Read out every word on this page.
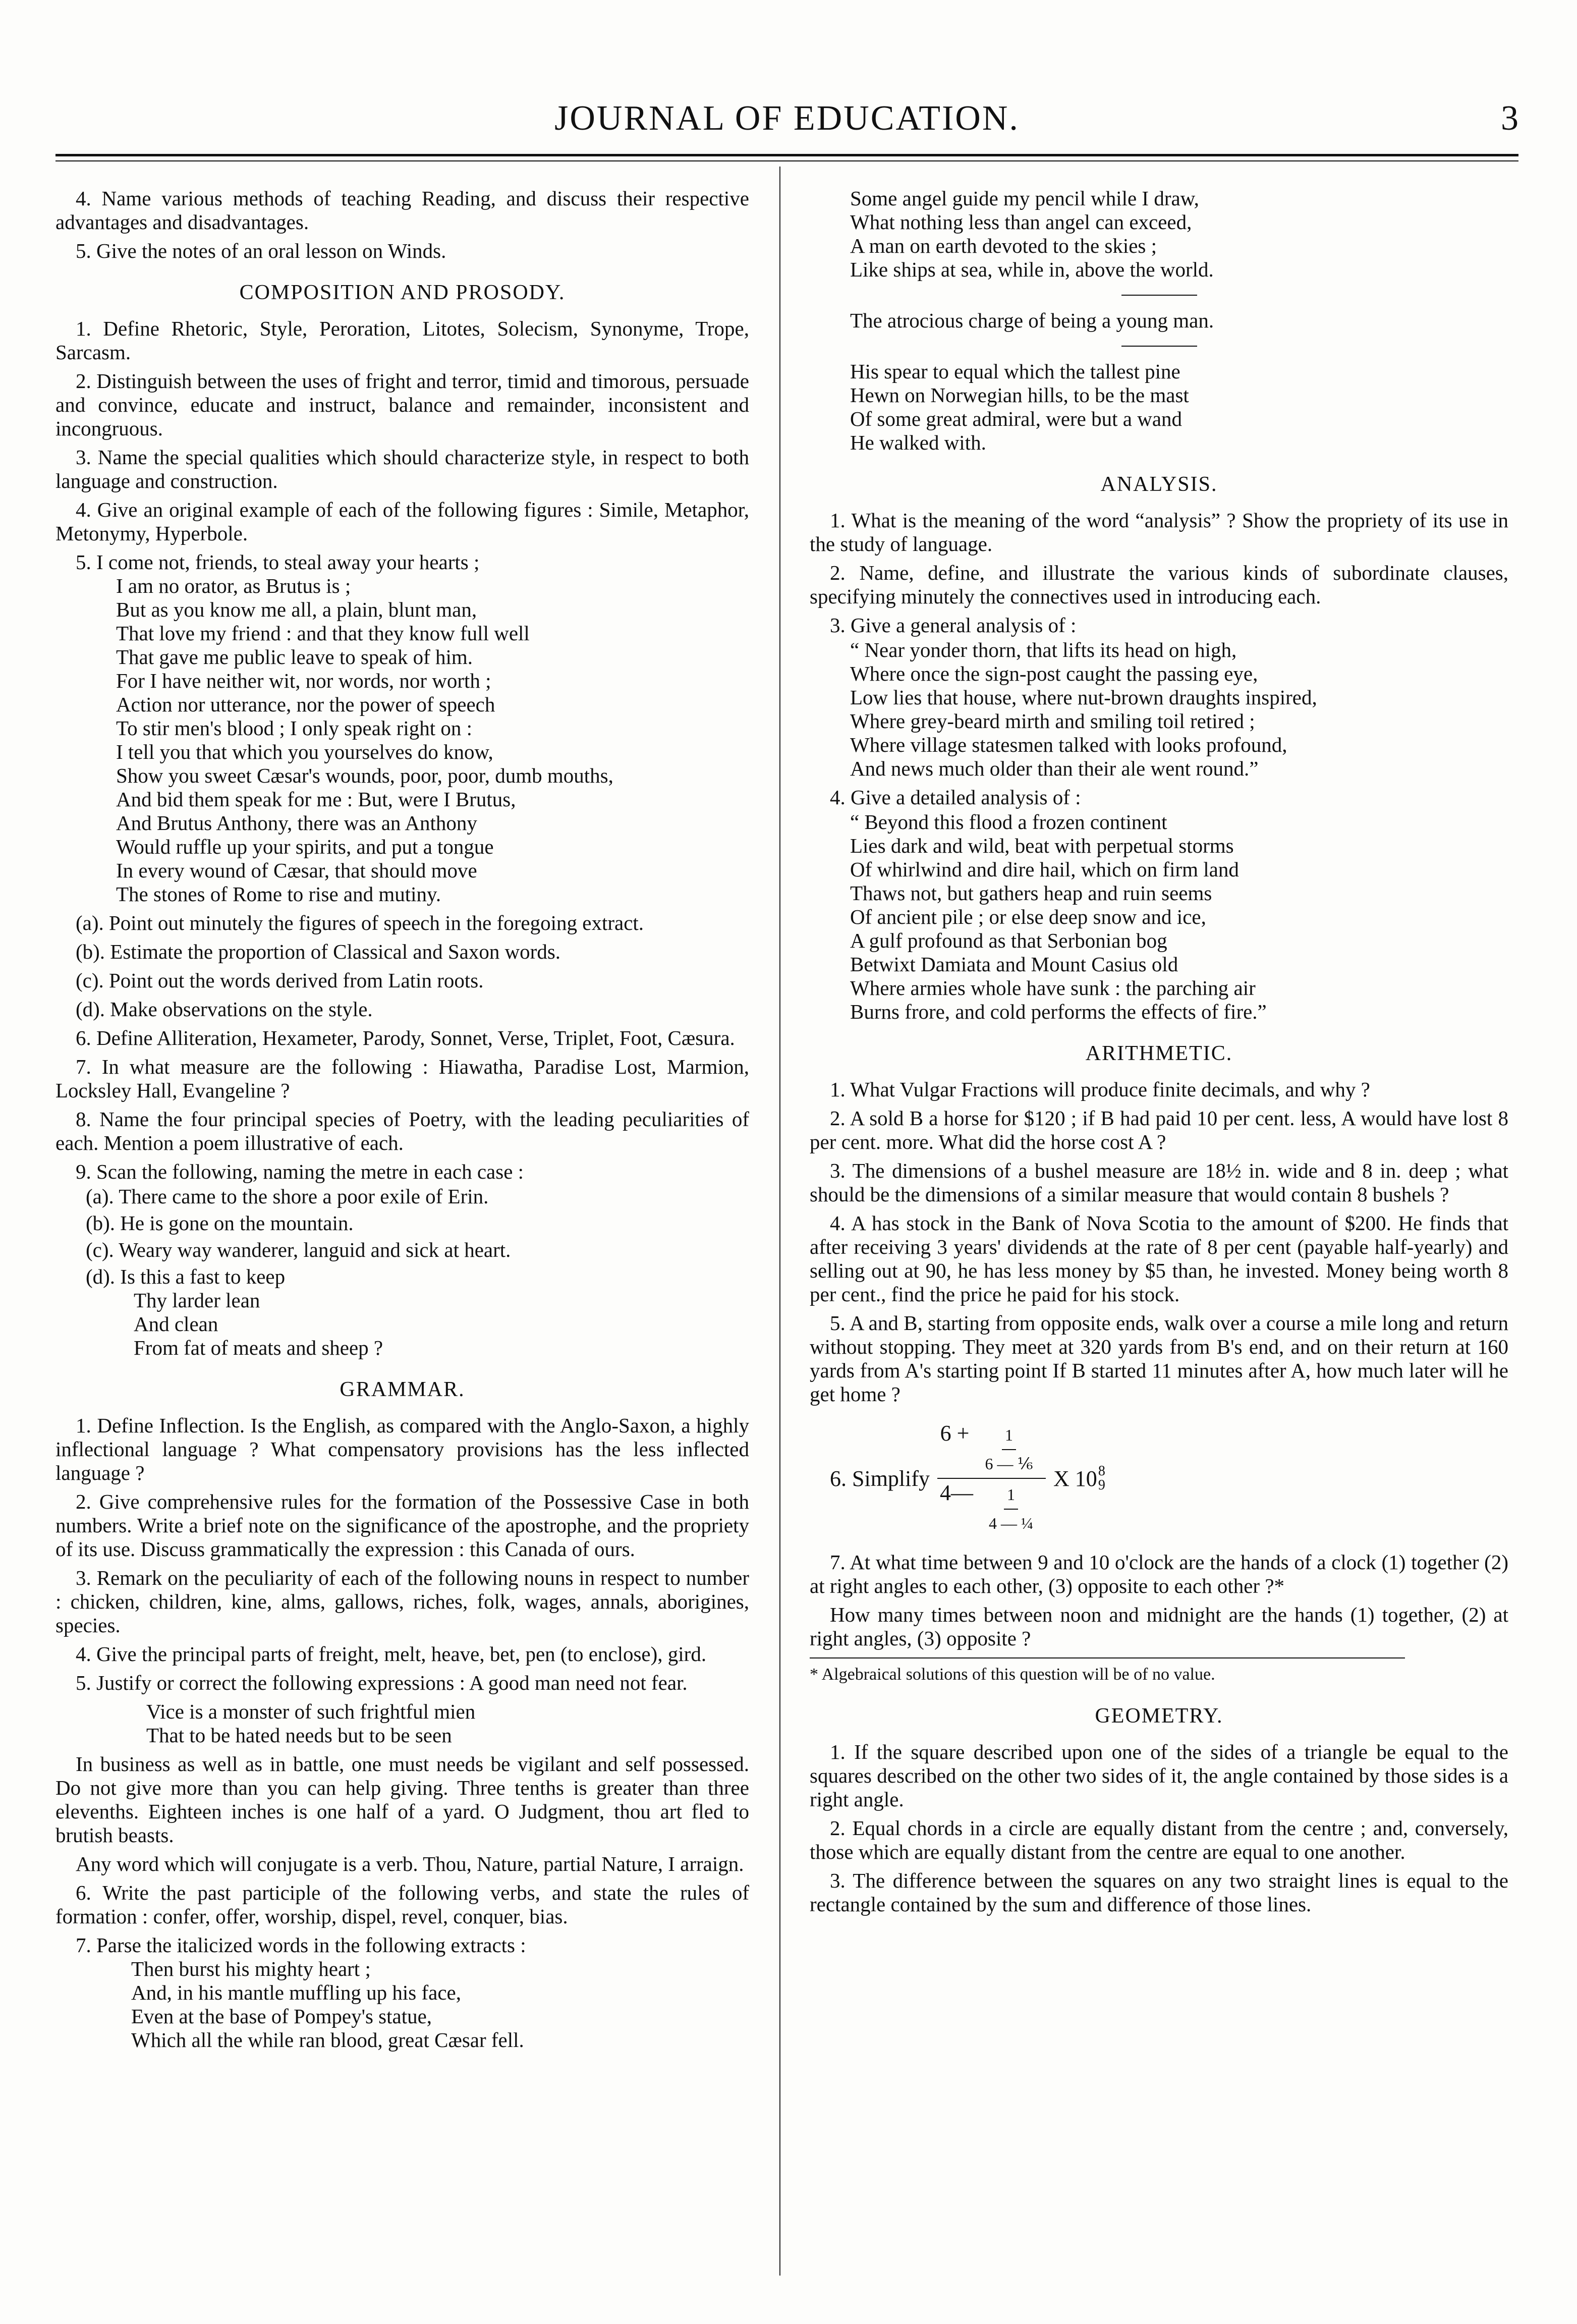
JOURNAL OF EDUCATION.	3

4. Name various methods of teaching Reading, and discuss their respective advantages and disadvantages.

5. Give the notes of an oral lesson on Winds.

COMPOSITION AND PROSODY.

1. Define Rhetoric, Style, Peroration, Litotes, Solecism, Synonyme, Trope, Sarcasm.

2. Distinguish between the uses of fright and terror, timid and timorous, persuade and convince, educate and instruct, balance and remainder, inconsistent and incongruous.

3. Name the special qualities which should characterize style, in respect to both language and construction.

4. Give an original example of each of the following figures : Simile, Metaphor, Metonymy, Hyperbole.

5. I come not, friends, to steal away your hearts ;

I am no orator, as Brutus is ;
But as you know me all, a plain, blunt man,
That love my friend : and that they know full well
That gave me public leave to speak of him.
For I have neither wit, nor words, nor worth ;
Action nor utterance, nor the power of speech
To stir men's blood ; I only speak right on :
I tell you that which you yourselves do know,
Show you sweet Cæsar's wounds, poor, poor, dumb mouths,
And bid them speak for me : But, were I Brutus,
And Brutus Anthony, there was an Anthony
Would ruffle up your spirits, and put a tongue
In every wound of Cæsar, that should move
The stones of Rome to rise and mutiny.

(a). Point out minutely the figures of speech in the foregoing extract.

(b). Estimate the proportion of Classical and Saxon words.

(c). Point out the words derived from Latin roots.

(d). Make observations on the style.

6. Define Alliteration, Hexameter, Parody, Sonnet, Verse, Triplet, Foot, Cæsura.

7. In what measure are the following : Hiawatha, Paradise Lost, Marmion, Locksley Hall, Evangeline ?

8. Name the four principal species of Poetry, with the leading peculiarities of each. Mention a poem illustrative of each.

9. Scan the following, naming the metre in each case :

(a). There came to the shore a poor exile of Erin.
(b). He is gone on the mountain.
(c). Weary way wanderer, languid and sick at heart.
(d). Is this a fast to keep
Thy larder lean
And clean
From fat of meats and sheep ?
GRAMMAR.

1. Define Inflection. Is the English, as compared with the Anglo-Saxon, a highly inflectional language ? What compensatory provisions has the less inflected language ?

2. Give comprehensive rules for the formation of the Possessive Case in both numbers. Write a brief note on the significance of the apostrophe, and the propriety of its use. Discuss grammatically the expression : this Canada of ours.

3. Remark on the peculiarity of each of the following nouns in respect to number : chicken, children, kine, alms, gallows, riches, folk, wages, annals, aborigines, species.

4. Give the principal parts of freight, melt, heave, bet, pen (to enclose), gird.

5. Justify or correct the following expressions : A good man need not fear.

Vice is a monster of such frightful mien
That to be hated needs but to be seen

In business as well as in battle, one must needs be vigilant and self possessed. Do not give more than you can help giving. Three tenths is greater than three elevenths. Eighteen inches is one half of a yard. O Judgment, thou art fled to brutish beasts.

Any word which will conjugate is a verb. Thou, Nature, partial Nature, I arraign.

6. Write the past participle of the following verbs, and state the rules of formation : confer, offer, worship, dispel, revel, conquer, bias.

7. Parse the italicized words in the following extracts :

Then burst his mighty heart ;
And, in his mantle muffling up his face,
Even at the base of Pompey's statue,
Which all the while ran blood, great Cæsar fell.
Some angel guide my pencil while I draw,
What nothing less than angel can exceed,
A man on earth devoted to the skies ;
Like ships at sea, while in, above the world.
The atrocious charge of being a young man.
His spear to equal which the tallest pine
Hewn on Norwegian hills, to be the mast
Of some great admiral, were but a wand
He walked with.
ANALYSIS.

1. What is the meaning of the word “analysis” ? Show the propriety of its use in the study of language.

2. Name, define, and illustrate the various kinds of subordinate clauses, specifying minutely the connectives used in introducing each.

3. Give a general analysis of :

“ Near yonder thorn, that lifts its head on high,
Where once the sign-post caught the passing eye,
Low lies that house, where nut-brown draughts inspired,
Where grey-beard mirth and smiling toil retired ;
Where village statesmen talked with looks profound,
And news much older than their ale went round.”

4. Give a detailed analysis of :

“ Beyond this flood a frozen continent
Lies dark and wild, beat with perpetual storms
Of whirlwind and dire hail, which on firm land
Thaws not, but gathers heap and ruin seems
Of ancient pile ; or else deep snow and ice,
A gulf profound as that Serbonian bog
Betwixt Damiata and Mount Casius old
Where armies whole have sunk : the parching air
Burns frore, and cold performs the effects of fire.”
ARITHMETIC.

1. What Vulgar Fractions will produce finite decimals, and why ?

2. A sold B a horse for $120 ; if B had paid 10 per cent. less, A would have lost 8 per cent. more. What did the horse cost A ?

3. The dimensions of a bushel measure are 18½ in. wide and 8 in. deep ; what should be the dimensions of a similar measure that would contain 8 bushels ?

4. A has stock in the Bank of Nova Scotia to the amount of $200. He finds that after receiving 3 years' dividends at the rate of 8 per cent (payable half-yearly) and selling out at 90, he has less money by $5 than, he invested. Money being worth 8 per cent., find the price he paid for his stock.

5. A and B, starting from opposite ends, walk over a course a mile long and return without stopping. They meet at 320 yards from B's end, and on their return at 160 yards from A's starting point If B started 11 minutes after A, how much later will he get home ?

6. Simplify $\frac{6 + \frac{1}{\text{6 — ⅙}}}{4— \frac{1}{\text{4 — ¼}}}$ X 10 8
9

7. At what time between 9 and 10 o'clock are the hands of a clock (1) together (2) at right angles to each other, (3) opposite to each other ?*

How many times between noon and midnight are the hands (1) together, (2) at right angles, (3) opposite ?

* Algebraical solutions of this question will be of no value.
GEOMETRY.

1. If the square described upon one of the sides of a triangle be equal to the squares described on the other two sides of it, the angle contained by those sides is a right angle.

2. Equal chords in a circle are equally distant from the centre ; and, conversely, those which are equally distant from the centre are equal to one another.

3. The difference between the squares on any two straight lines is equal to the rectangle contained by the sum and difference of those lines.
